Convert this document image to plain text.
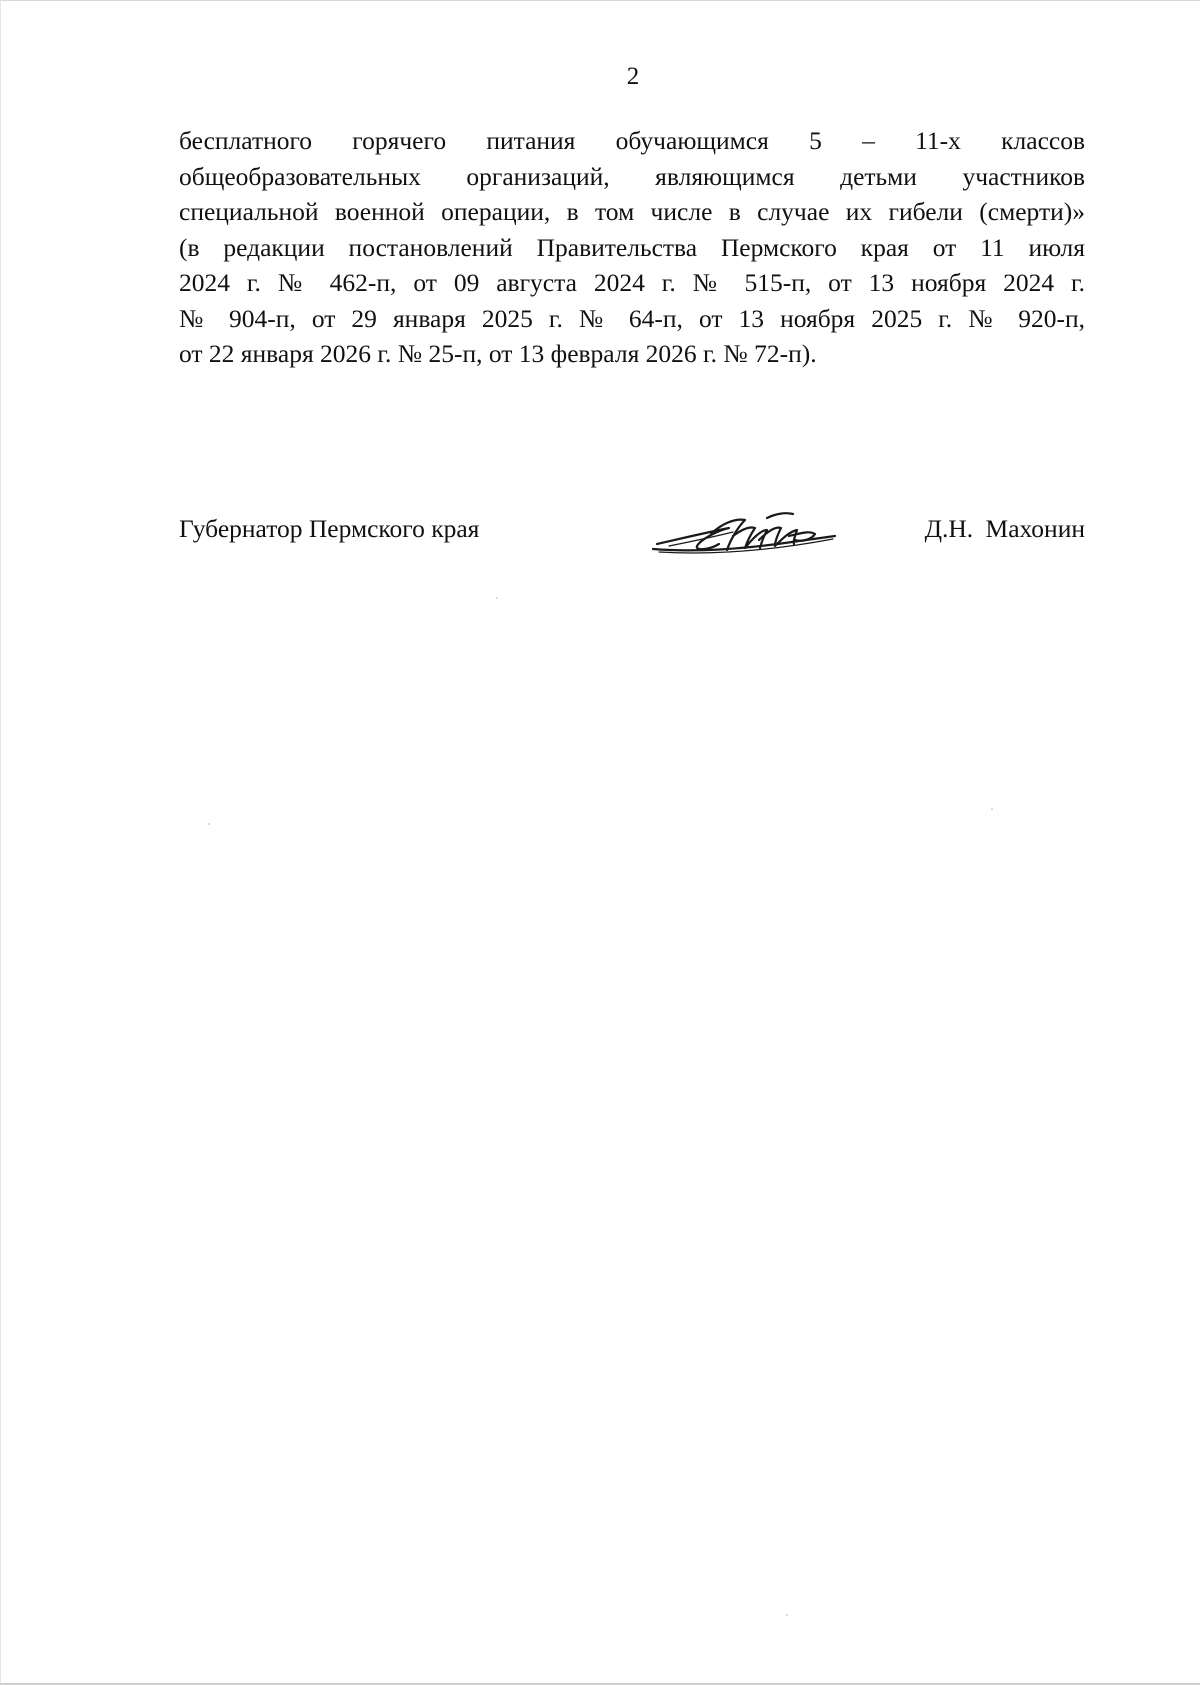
2
бесплатного горячего питания обучающимся 5 – 11-х классов
общеобразовательных организаций, являющимся детьми участников
специальной военной операции, в том числе в случае их гибели (смерти)»
(в редакции постановлений Правительства Пермского края от 11 июля
2024 г. № 462-п, от 09 августа 2024 г. № 515-п, от 13 ноября 2024 г.
№ 904-п, от 29 января 2025 г. № 64-п, от 13 ноября 2025 г. № 920-п,
от 22 января 2026 г. № 25-п, от 13 февраля 2026 г. № 72-п).
Губернатор Пермского края	Д.Н. Махонин
